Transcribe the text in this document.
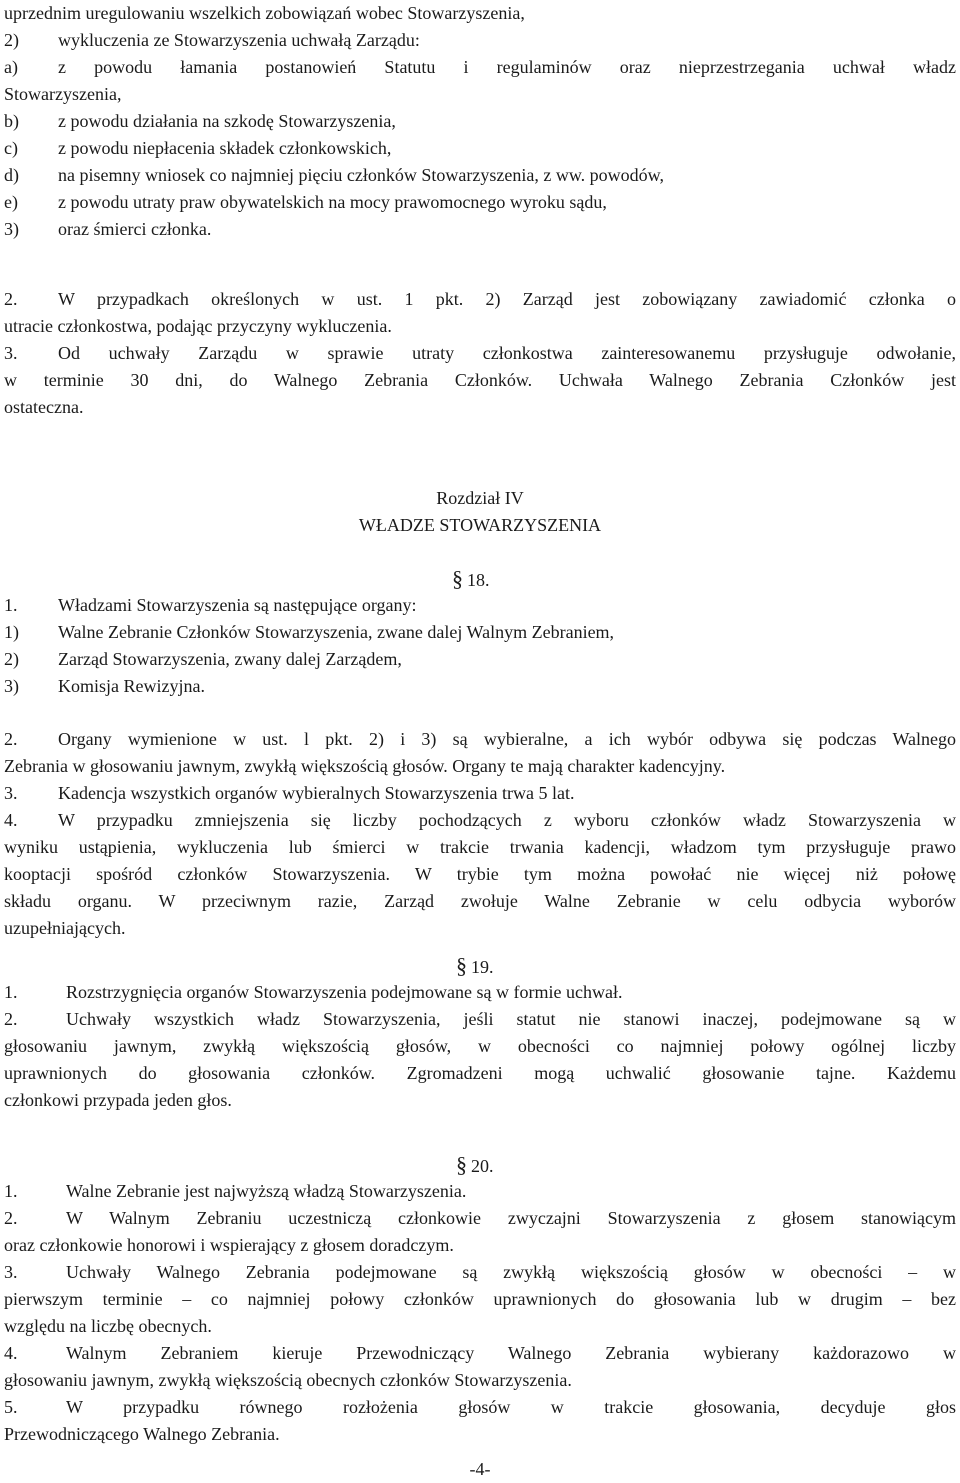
uprzednim uregulowaniu wszelkich zobowiązań wobec Stowarzyszenia,
2)	wykluczenia ze Stowarzyszenia uchwałą Zarządu:
a)	z powodu łamania postanowień Statutu i regulaminów oraz nieprzestrzegania uchwał władz
Stowarzyszenia,
b)	z powodu działania na szkodę Stowarzyszenia,
c)	z powodu niepłacenia składek członkowskich,
d)	na pisemny wniosek co najmniej pięciu członków Stowarzyszenia, z ww. powodów,
e)	z powodu utraty praw obywatelskich na mocy prawomocnego wyroku sądu,
3)	oraz śmierci członka.
2.	W przypadkach określonych w ust. 1 pkt. 2) Zarząd jest zobowiązany zawiadomić członka o
utracie członkostwa, podając przyczyny wykluczenia.
3.	Od uchwały Zarządu w sprawie utraty członkostwa zainteresowanemu przysługuje odwołanie,
w terminie 30 dni, do Walnego Zebrania Członków. Uchwała Walnego Zebrania Członków jest
ostateczna.
Rozdział IV
WŁADZE STOWARZYSZENIA
§ 18.
1.	Władzami Stowarzyszenia są następujące organy:
1)	Walne Zebranie Członków Stowarzyszenia, zwane dalej Walnym Zebraniem,
2)	Zarząd Stowarzyszenia, zwany dalej Zarządem,
3)	Komisja Rewizyjna.
2.	Organy wymienione w ust. l pkt. 2) i 3) są wybieralne, a ich wybór odbywa się podczas Walnego
Zebrania w głosowaniu jawnym, zwykłą większością głosów. Organy te mają charakter kadencyjny.
3.	Kadencja wszystkich organów wybieralnych Stowarzyszenia trwa 5 lat.
4.	W przypadku zmniejszenia się liczby pochodzących z wyboru członków władz Stowarzyszenia w
wyniku ustąpienia, wykluczenia lub śmierci w trakcie trwania kadencji, władzom tym przysługuje prawo
kooptacji spośród członków Stowarzyszenia. W trybie tym można powołać nie więcej niż połowę
składu organu. W przeciwnym razie, Zarząd zwołuje Walne Zebranie w celu odbycia wyborów
uzupełniających.
§ 19.
1.	Rozstrzygnięcia organów Stowarzyszenia podejmowane są w formie uchwał.
2.	Uchwały wszystkich władz Stowarzyszenia, jeśli statut nie stanowi inaczej, podejmowane są w
głosowaniu jawnym, zwykłą większością głosów, w obecności co najmniej połowy ogólnej liczby
uprawnionych do głosowania członków. Zgromadzeni mogą uchwalić głosowanie tajne. Każdemu
członkowi przypada jeden głos.
§ 20.
1.	Walne Zebranie jest najwyższą władzą Stowarzyszenia.
2.	W Walnym Zebraniu uczestniczą członkowie zwyczajni Stowarzyszenia z głosem stanowiącym
oraz członkowie honorowi i wspierający z głosem doradczym.
3.	Uchwały Walnego Zebrania podejmowane są zwykłą większością głosów w obecności – w
pierwszym terminie – co najmniej połowy członków uprawnionych do głosowania lub w drugim – bez
względu na liczbę obecnych.
4.	Walnym Zebraniem kieruje Przewodniczący Walnego Zebrania wybierany każdorazowo w
głosowaniu jawnym, zwykłą większością obecnych członków Stowarzyszenia.
5.	W przypadku równego rozłożenia głosów w trakcie głosowania, decyduje głos
Przewodniczącego Walnego Zebrania.
-4-
